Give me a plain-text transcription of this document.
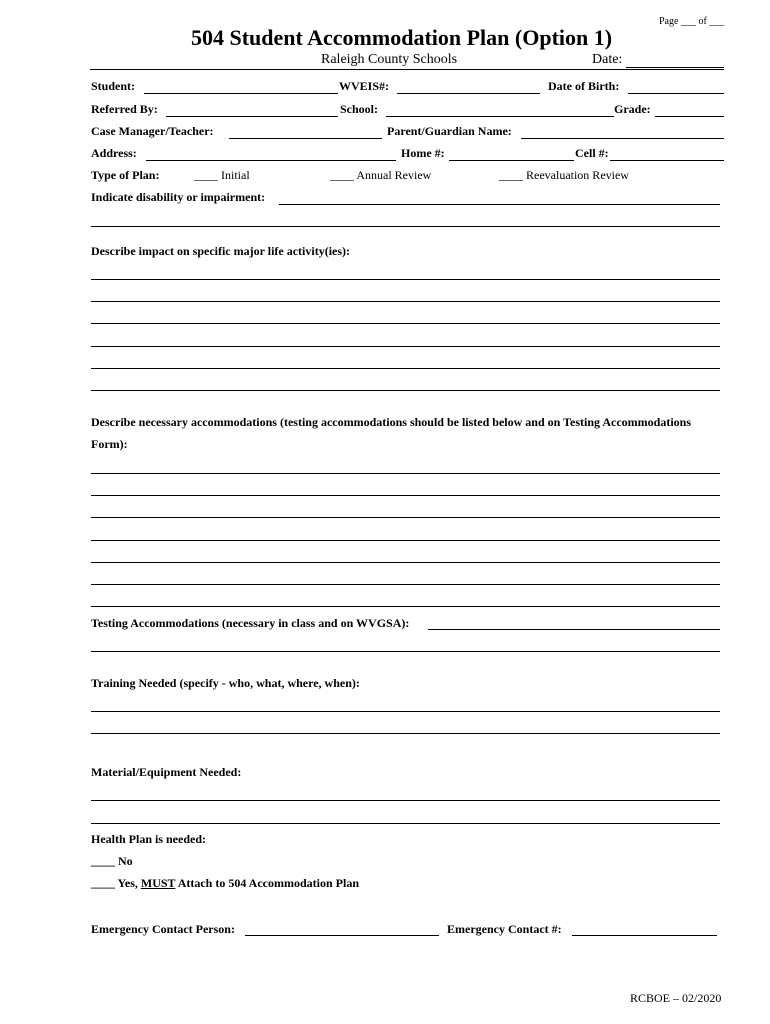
Page ___ of ___
504 Student Accommodation Plan (Option 1)
Raleigh County Schools	Date:
Student:	WVEIS#:	Date of Birth:
Referred By:	School:	Grade:
Case Manager/Teacher:	Parent/Guardian Name:
Address:	Home #:	Cell #:
Type of Plan:	____ Initial	____ Annual Review	____ Reevaluation Review
Indicate disability or impairment:
Describe impact on specific major life activity(ies):
Describe necessary accommodations (testing accommodations should be listed below and on Testing Accommodations
Form):
Testing Accommodations (necessary in class and on WVGSA):
Training Needed (specify - who, what, where, when):
Material/Equipment Needed:
Health Plan is needed:
____ No
____ Yes, MUST Attach to 504 Accommodation Plan
Emergency Contact Person:	Emergency Contact #:
RCBOE – 02/2020
